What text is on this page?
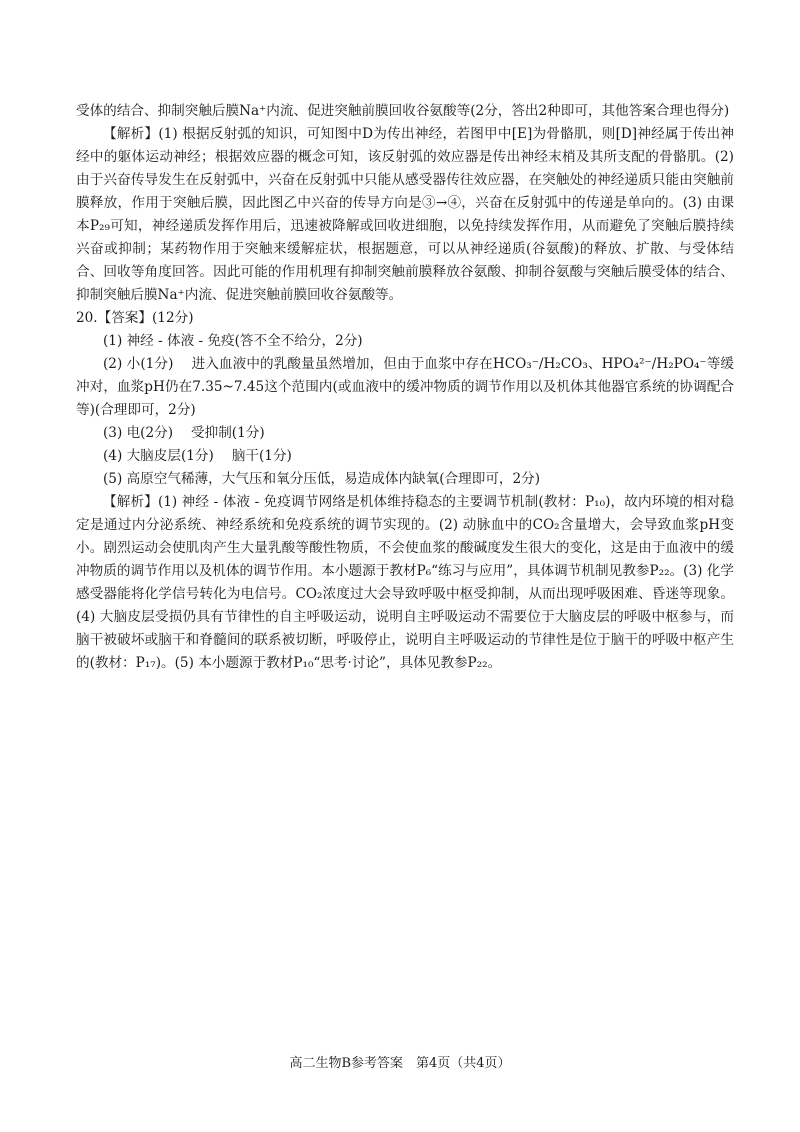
受体的结合、抑制突触后膜Na⁺内流、促进突触前膜回收谷氨酸等(2分，答出2种即可，其他答案合理也得分)

【解析】(1) 根据反射弧的知识，可知图中D为传出神经，若图甲中[E]为骨骼肌，则[D]神经属于传出神经中的躯体运动神经；根据效应器的概念可知，该反射弧的效应器是传出神经末梢及其所支配的骨骼肌。(2) 由于兴奋传导发生在反射弧中，兴奋在反射弧中只能从感受器传往效应器，在突触处的神经递质只能由突触前膜释放，作用于突触后膜，因此图乙中兴奋的传导方向是③→④，兴奋在反射弧中的传递是单向的。(3) 由课本P₂₉可知，神经递质发挥作用后，迅速被降解或回收进细胞，以免持续发挥作用，从而避免了突触后膜持续兴奋或抑制；某药物作用于突触来缓解症状，根据题意，可以从神经递质(谷氨酸)的释放、扩散、与受体结合、回收等角度回答。因此可能的作用机理有抑制突触前膜释放谷氨酸、抑制谷氨酸与突触后膜受体的结合、抑制突触后膜Na⁺内流、促进突触前膜回收谷氨酸等。

20.【答案】(12分)

(1) 神经 - 体液 - 免疫(答不全不给分，2分)

(2) 小(1分) 进入血液中的乳酸量虽然增加，但由于血浆中存在HCO₃⁻/H₂CO₃、HPO₄²⁻/H₂PO₄⁻等缓冲对，血浆pH仍在7.35~7.45这个范围内(或血液中的缓冲物质的调节作用以及机体其他器官系统的协调配合等)(合理即可，2分)

(3) 电(2分) 受抑制(1分)

(4) 大脑皮层(1分) 脑干(1分)

(5) 高原空气稀薄，大气压和氧分压低，易造成体内缺氧(合理即可，2分)

【解析】(1) 神经 - 体液 - 免疫调节网络是机体维持稳态的主要调节机制(教材：P₁₀)，故内环境的相对稳定是通过内分泌系统、神经系统和免疫系统的调节实现的。(2) 动脉血中的CO₂含量增大，会导致血浆pH变小。剧烈运动会使肌肉产生大量乳酸等酸性物质，不会使血浆的酸碱度发生很大的变化，这是由于血液中的缓冲物质的调节作用以及机体的调节作用。本小题源于教材P₆“练习与应用”，具体调节机制见教参P₂₂。(3) 化学感受器能将化学信号转化为电信号。CO₂浓度过大会导致呼吸中枢受抑制，从而出现呼吸困难、昏迷等现象。(4) 大脑皮层受损仍具有节律性的自主呼吸运动，说明自主呼吸运动不需要位于大脑皮层的呼吸中枢参与，而脑干被破坏或脑干和脊髓间的联系被切断，呼吸停止，说明自主呼吸运动的节律性是位于脑干的呼吸中枢产生的(教材：P₁₇)。(5) 本小题源于教材P₁₀“思考·讨论”，具体见教参P₂₂。

高二生物B参考答案　第4页（共4页）
